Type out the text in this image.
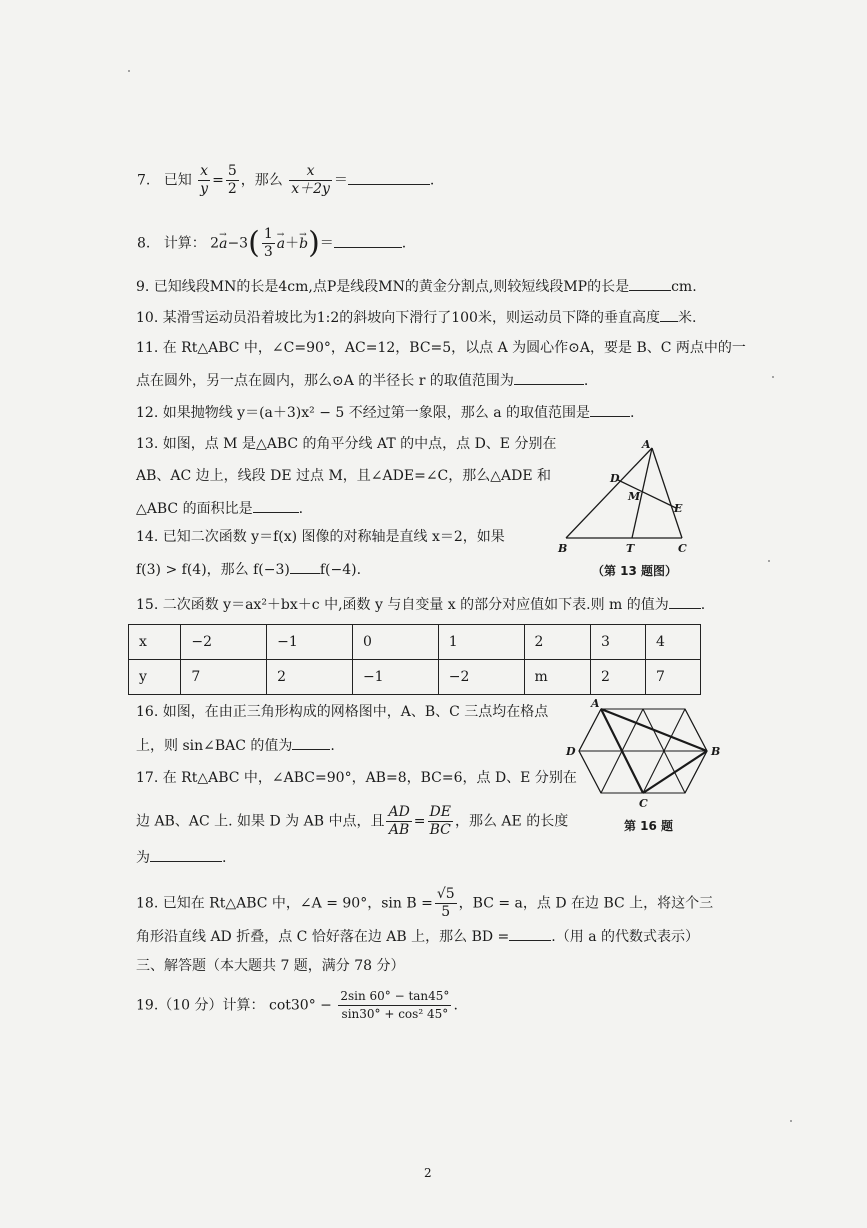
7. 已知 $\frac{x}{y} = \frac{5}{2}$ ，那么 $\frac{x}{x+2y}$ ＝	.
8. 计算： $2\to a-3( \frac{1}{3} \to a+\to b)=$	.
9. 已知线段MN的长是4cm,点P是线段MN的黄金分割点,则较短线段MP的长是	cm.
10. 某滑雪运动员沿着坡比为1:2的斜坡向下滑行了100米，则运动员下降的垂直高度 米.
11. 在 Rt△ABC 中，∠C=90°，AC=12，BC=5，以点 A 为圆心作⊙A，要是 B、C 两点中的一
点在圆外，另一点在圆内，那么⊙A 的半径长 r 的取值范围为	.
12. 如果抛物线 y＝(a＋3)x² − 5 不经过第一象限，那么 a 的取值范围是	.
13. 如图，点 M 是△ABC 的角平分线 AT 的中点，点 D、E 分别在
AB、AC 边上，线段 DE 过点 M，且∠ADE=∠C，那么△ADE 和
△ABC 的面积比是	.
A
D
M
E
B	T	C
（第 13 题图）
14. 已知二次函数 y＝f(x) 图像的对称轴是直线 x＝2，如果
f(3) > f(4)，那么 f(−3) f(−4).
15. 二次函数 y＝ax²＋bx＋c 中,函数 y 与自变量 x 的部分对应值如下表.则 m 的值为 .
x	−2	−1	0	1	2	3	4
y	7	2	−1	−2	m	2	7
16. 如图，在由正三角形构成的网格图中，A、B、C 三点均在格点
上，则 sin∠BAC 的值为	.
A
B
C
D
第 16 题
17. 在 Rt△ABC 中，∠ABC=90°，AB=8，BC=6，点 D、E 分别在
边 AB、AC 上. 如果 D 为 AB 中点，且 $\frac{AD}{AB} = \frac{DE}{BC}$ ，那么 AE 的长度
为	.
18. 已知在 Rt△ABC 中，∠A = 90°，$\sin B = \frac{√5}{5}$ ，BC = a，点 D 在边 BC 上，将这个三
角形沿直线 AD 折叠，点 C 恰好落在边 AB 上，那么 BD =	.（用 a 的代数式表示）
三、解答题（本大题共 7 题，满分 78 分）
19.（10 分）计算： $\cot 30^\circ - \frac{2\sin 60^\circ - \tan 45^\circ}{\text{sin30° + cos² 45°}}$ .
2
